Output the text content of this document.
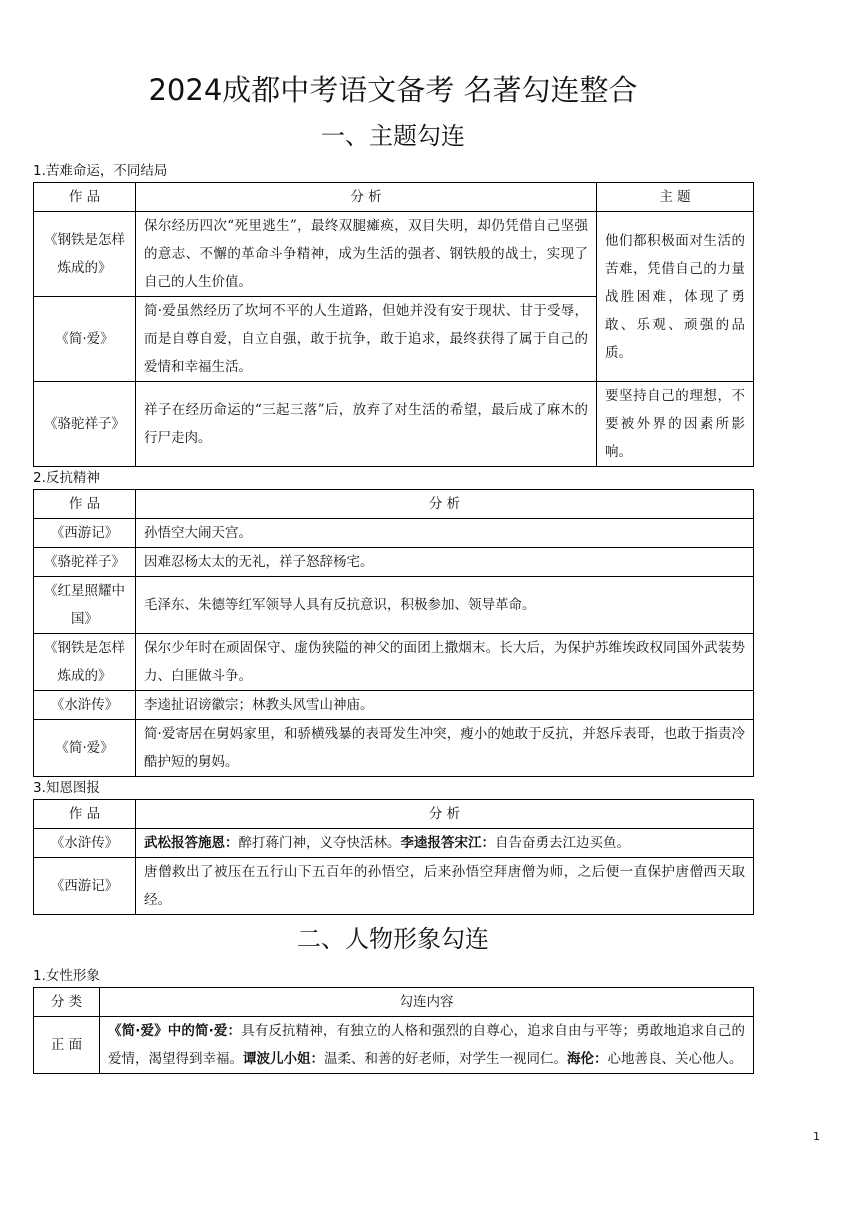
2024成都中考语文备考 名著勾连整合
一、主题勾连

1.苦难命运，不同结局

作 品	分 析	主 题
《钢铁是怎样炼成的》	保尔经历四次“死里逃生”，最终双腿瘫痪，双目失明，却仍凭借自己坚强的意志、不懈的革命斗争精神，成为生活的强者、钢铁般的战士，实现了自己的人生价值。	他们都积极面对生活的苦难，凭借自己的力量战胜困难，体现了勇敢、乐观、顽强的品质。
《简·爱》	简·爱虽然经历了坎坷不平的人生道路，但她并没有安于现状、甘于受辱，而是自尊自爱，自立自强，敢于抗争，敢于追求，最终获得了属于自己的爱情和幸福生活。	
《骆驼祥子》	祥子在经历命运的“三起三落”后，放弃了对生活的希望，最后成了麻木的行尸走肉。	要坚持自己的理想，不要被外界的因素所影响。

2.反抗精神

作 品	分 析
《西游记》	孙悟空大闹天宫。
《骆驼祥子》	因难忍杨太太的无礼，祥子怒辞杨宅。
《红星照耀中国》	毛泽东、朱德等红军领导人具有反抗意识，积极参加、领导革命。
《钢铁是怎样炼成的》	保尔少年时在顽固保守、虚伪狭隘的神父的面团上撒烟末。长大后，为保护苏维埃政权同国外武装势力、白匪做斗争。
《水浒传》	李逵扯诏谤徽宗；林教头风雪山神庙。
《简·爱》	简·爱寄居在舅妈家里，和骄横残暴的表哥发生冲突，瘦小的她敢于反抗，并怒斥表哥，也敢于指责冷酷护短的舅妈。

3.知恩图报

作 品	分 析
《水浒传》	武松报答施恩：醉打蒋门神，义夺快活林。李逵报答宋江：自告奋勇去江边买鱼。
《西游记》	唐僧救出了被压在五行山下五百年的孙悟空，后来孙悟空拜唐僧为师，之后便一直保护唐僧西天取经。
二、人物形象勾连

1.女性形象

分 类	勾连内容
正 面	《简·爱》中的简·爱：具有反抗精神，有独立的人格和强烈的自尊心，追求自由与平等；勇敢地追求自己的爱情，渴望得到幸福。谭波儿小姐：温柔、和善的好老师，对学生一视同仁。海伦：心地善良、关心他人。
1
